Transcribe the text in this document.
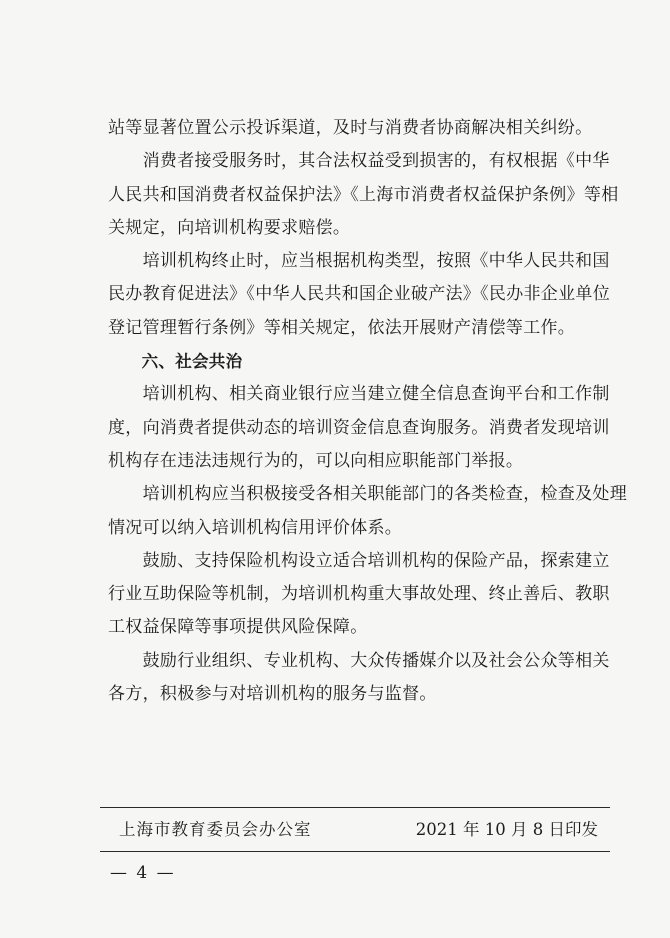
站等显著位置公示投诉渠道，及时与消费者协商解决相关纠纷。
　　消费者接受服务时，其合法权益受到损害的，有权根据《中华
人民共和国消费者权益保护法》《上海市消费者权益保护条例》等相
关规定，向培训机构要求赔偿。
　　培训机构终止时，应当根据机构类型，按照《中华人民共和国
民办教育促进法》《中华人民共和国企业破产法》《民办非企业单位
登记管理暂行条例》等相关规定，依法开展财产清偿等工作。
　　六、社会共治
　　培训机构、相关商业银行应当建立健全信息查询平台和工作制
度，向消费者提供动态的培训资金信息查询服务。消费者发现培训
机构存在违法违规行为的，可以向相应职能部门举报。
　　培训机构应当积极接受各相关职能部门的各类检查，检查及处理
情况可以纳入培训机构信用评价体系。
　　鼓励、支持保险机构设立适合培训机构的保险产品，探索建立
行业互助保险等机制，为培训机构重大事故处理、终止善后、教职
工权益保障等事项提供风险保障。
　　鼓励行业组织、专业机构、大众传播媒介以及社会公众等相关
各方，积极参与对培训机构的服务与监督。
上海市教育委员会办公室	2021 年 10 月 8 日印发
— 4 —
